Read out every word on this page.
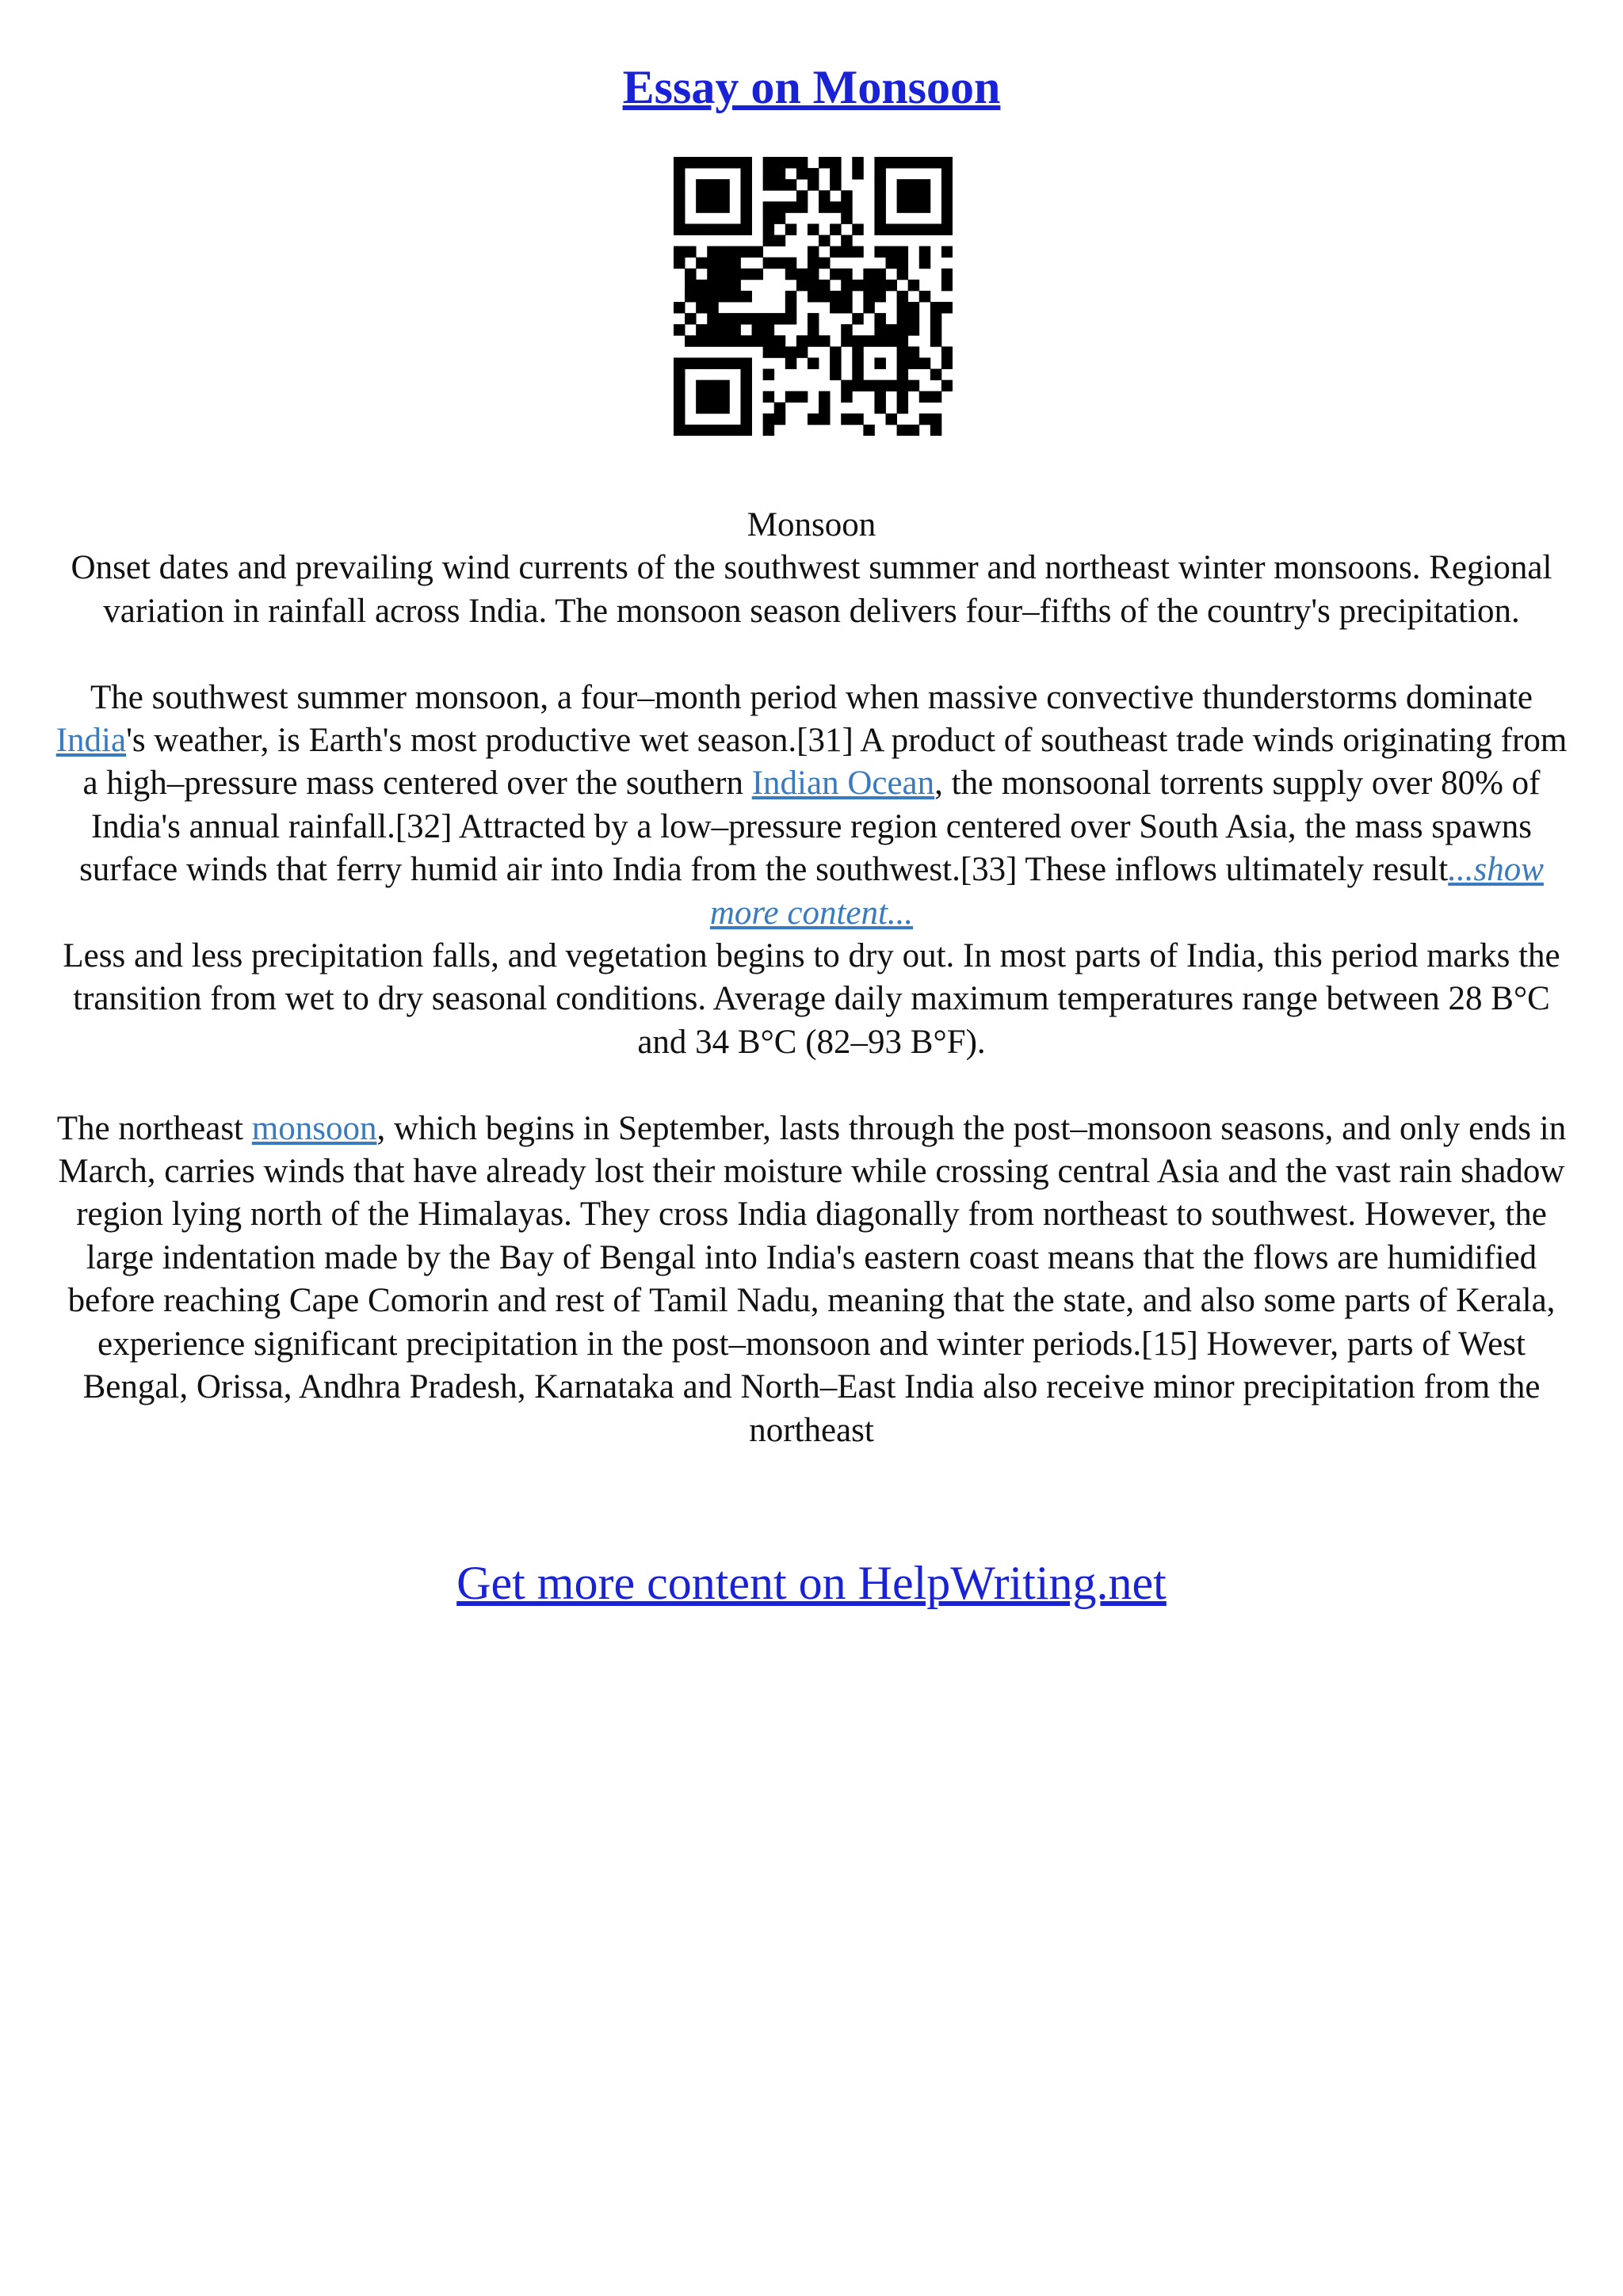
Essay on Monsoon

Monsoon

Onset dates and prevailing wind currents of the southwest summer and northeast winter monsoons. Regional variation in rainfall across India. The monsoon season delivers four–fifths of the country's precipitation.

The southwest summer monsoon, a four–month period when massive convective thunderstorms dominate India's weather, is Earth's most productive wet season.[31] A product of southeast trade winds originating from a high–pressure mass centered over the southern Indian Ocean, the monsoonal torrents supply over 80% of India's annual rainfall.[32] Attracted by a low–pressure region centered over South Asia, the mass spawns surface winds that ferry humid air into India from the southwest.[33] These inflows ultimately result...show more content...

Less and less precipitation falls, and vegetation begins to dry out. In most parts of India, this period marks the transition from wet to dry seasonal conditions. Average daily maximum temperatures range between 28 B°C and 34 B°C (82–93 B°F).

The northeast monsoon, which begins in September, lasts through the post–monsoon seasons, and only ends in March, carries winds that have already lost their moisture while crossing central Asia and the vast rain shadow region lying north of the Himalayas. They cross India diagonally from northeast to southwest. However, the large indentation made by the Bay of Bengal into India's eastern coast means that the flows are humidified before reaching Cape Comorin and rest of Tamil Nadu, meaning that the state, and also some parts of Kerala, experience significant precipitation in the post–monsoon and winter periods.[15] However, parts of West Bengal, Orissa, Andhra Pradesh, Karnataka and North–East India also receive minor precipitation from the northeast

Get more content on HelpWriting.net
